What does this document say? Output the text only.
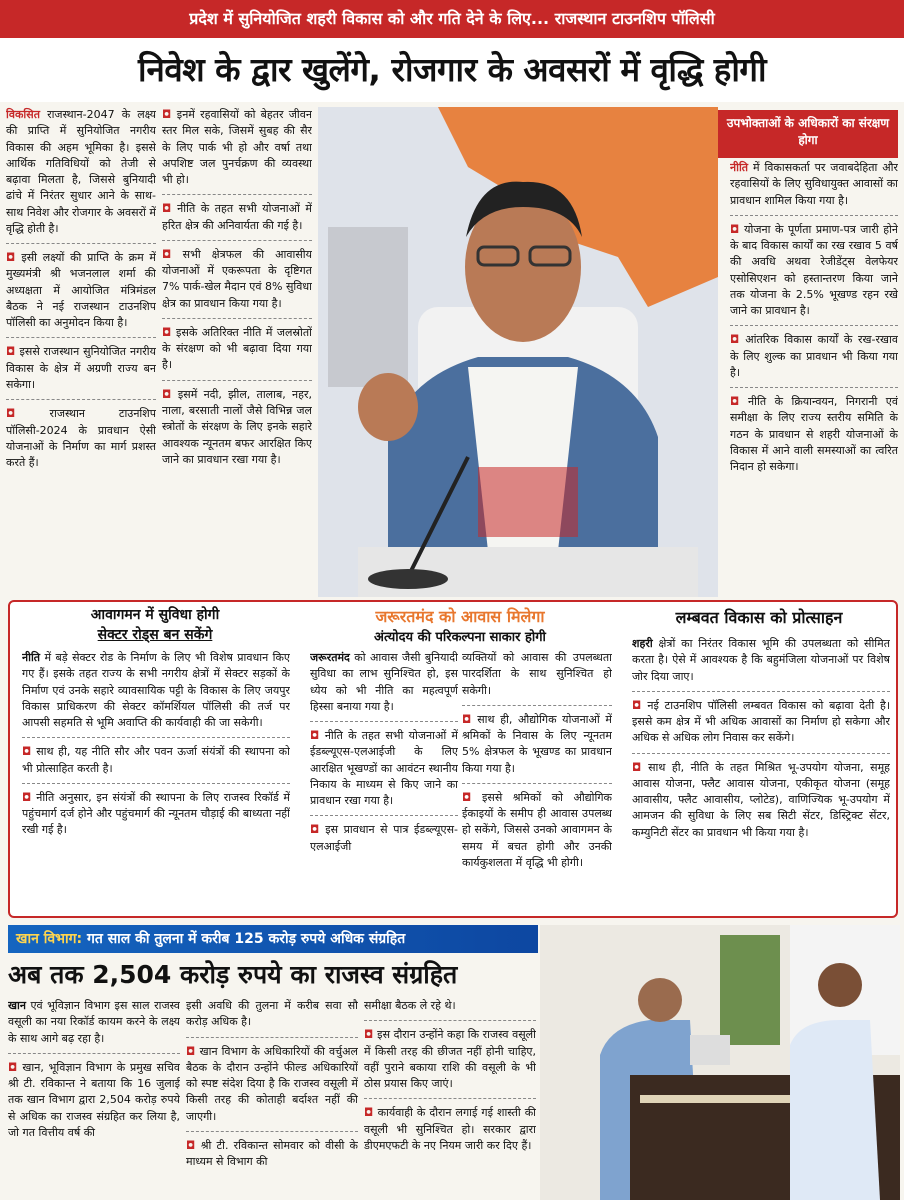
प्रदेश में सुनियोजित शहरी विकास को और गति देने के लिए... राजस्थान टाउनशिप पॉलिसी
निवेश के द्वार खुलेंगे, रोजगार के अवसरों में वृद्धि होगी

विकसित राजस्थान-2047 के लक्ष्य की प्राप्ति में सुनियोजित नगरीय विकास की अहम भूमिका है। इससे आर्थिक गतिविधियों को तेजी से बढ़ावा मिलता है, जिससे बुनियादी ढांचे में निरंतर सुधार आने के साथ-साथ निवेश और रोजगार के अवसरों में वृद्धि होती है।

◘ इसी लक्ष्यों की प्राप्ति के क्रम में मुख्यमंत्री श्री भजनलाल शर्मा की अध्यक्षता में आयोजित मंत्रिमंडल बैठक ने नई राजस्थान टाउनशिप पॉलिसी का अनुमोदन किया है।

◘ इससे राजस्थान सुनियोजित नगरीय विकास के क्षेत्र में अग्रणी राज्य बन सकेगा।

◘ राजस्थान टाउनशिप पॉलिसी-2024 के प्रावधान ऐसी योजनाओं के निर्माण का मार्ग प्रशस्त करते हैं।

◘ इनमें रहवासियों को बेहतर जीवन स्तर मिल सके, जिसमें सुबह की सैर के लिए पार्क भी हो और वर्षा तथा अपशिष्ट जल पुनर्चक्रण की व्यवस्था भी हो।

◘ नीति के तहत सभी योजनाओं में हरित क्षेत्र की अनिवार्यता की गई है।

◘ सभी क्षेत्रफल की आवासीय योजनाओं में एकरूपता के दृष्टिगत 7% पार्क-खेल मैदान एवं 8% सुविधा क्षेत्र का प्रावधान किया गया है।

◘ इसके अतिरिक्त नीति में जलस्रोतों के संरक्षण को भी बढ़ावा दिया गया है।

◘ इसमें नदी, झील, तालाब, नहर, नाला, बरसाती नालों जैसे विभिन्न जल स्त्रोतों के संरक्षण के लिए इनके सहारे आवश्यक न्यूनतम बफर आरक्षित किए जाने का प्रावधान रखा गया है।

उपभोक्ताओं के अधिकारों का संरक्षण होगा

नीति में विकासकर्ता पर जवाबदेहिता और रहवासियों के लिए सुविधायुक्त आवासों का प्रावधान शामिल किया गया है।

◘ योजना के पूर्णता प्रमाण-पत्र जारी होने के बाद विकास कार्यों का रख रखाव 5 वर्ष की अवधि अथवा रेजीडेंट्स वेलफेयर एसोसिएशन को हस्तान्तरण किया जाने तक योजना के 2.5% भूखण्ड रहन रखे जाने का प्रावधान है।

◘ आंतरिक विकास कार्यों के रख-रखाव के लिए शुल्क का प्रावधान भी किया गया है।

◘ नीति के क्रियान्वयन, निगरानी एवं समीक्षा के लिए राज्य स्तरीय समिति के गठन के प्रावधान से शहरी योजनाओं के विकास में आने वाली समस्याओं का त्वरित निदान हो सकेगा।

आवागमन में सुविधा होगी
सेक्टर रोड्स बन सकेंगे

नीति में बड़े सेक्टर रोड के निर्माण के लिए भी विशेष प्रावधान किए गए हैं। इसके तहत राज्य के सभी नगरीय क्षेत्रों में सेक्टर सड़कों के निर्माण एवं उनके सहारे व्यावसायिक पट्टी के विकास के लिए जयपुर विकास प्राधिकरण की सेक्टर कॉमर्शियल पॉलिसी की तर्ज पर आपसी सहमति से भूमि अवाप्ति की कार्यवाही की जा सकेगी।

◘ साथ ही, यह नीति सौर और पवन ऊर्जा संयंत्रों की स्थापना को भी प्रोत्साहित करती है।

◘ नीति अनुसार, इन संयंत्रों की स्थापना के लिए राजस्व रिकॉर्ड में पहुंचमार्ग दर्ज होने और पहुंचमार्ग की न्यूनतम चौड़ाई की बाध्यता नहीं रखी गई है।

जरूरतमंद को आवास मिलेगा
अंत्योदय की परिकल्पना साकार होगी

जरूरतमंद को आवास जैसी बुनियादी सुविधा का लाभ सुनिश्चित हो, इस ध्येय को भी नीति का महत्वपूर्ण हिस्सा बनाया गया है।

◘ नीति के तहत सभी योजनाओं में ईडब्ल्यूएस-एलआईजी के लिए आरक्षित भूखण्डों का आवंटन स्थानीय निकाय के माध्यम से किए जाने का प्रावधान रखा गया है।

◘ इस प्रावधान से पात्र ईडब्ल्यूएस-एलआईजी

व्यक्तियों को आवास की उपलब्धता पारदर्शिता के साथ सुनिश्चित हो सकेगी।

◘ साथ ही, औद्योगिक योजनाओं में श्रमिकों के निवास के लिए न्यूनतम 5% क्षेत्रफल के भूखण्ड का प्रावधान किया गया है।

◘ इससे श्रमिकों को औद्योगिक ईकाइयों के समीप ही आवास उपलब्ध हो सकेंगे, जिससे उनको आवागमन के समय में बचत होगी और उनकी कार्यकुशलता में वृद्धि भी होगी।

लम्बवत विकास को प्रोत्साहन

शहरी क्षेत्रों का निरंतर विकास भूमि की उपलब्धता को सीमित करता है। ऐसे में आवश्यक है कि बहुमंजिला योजनाओं पर विशेष जोर दिया जाए।

◘ नई टाउनशिप पॉलिसी लम्बवत विकास को बढ़ावा देती है। इससे कम क्षेत्र में भी अधिक आवासों का निर्माण हो सकेगा और अधिक से अधिक लोग निवास कर सकेंगे।

◘ साथ ही, नीति के तहत मिश्रित भू-उपयोग योजना, समूह आवास योजना, फ्लैट आवास योजना, एकीकृत योजना (समूह आवासीय, फ्लैट आवासीय, प्लोटेड), वाणिज्यिक भू-उपयोग में आमजन की सुविधा के लिए सब सिटी सेंटर, डिस्ट्रिक्ट सेंटर, कम्युनिटी सेंटर का प्रावधान भी किया गया है।

खान विभाग: गत साल की तुलना में करीब 125 करोड़ रुपये अधिक संग्रहित
अब तक 2,504 करोड़ रुपये का राजस्व संग्रहित

खान एवं भूविज्ञान विभाग इस साल राजस्व वसूली का नया रिकॉर्ड कायम करने के लक्ष्य के साथ आगे बढ़ रहा है।

◘ खान, भूविज्ञान विभाग के प्रमुख सचिव श्री टी. रविकान्त ने बताया कि 16 जुलाई तक खान विभाग द्वारा 2,504 करोड़ रुपये से अधिक का राजस्व संग्रहित कर लिया है, जो गत वित्तीय वर्ष की

इसी अवधि की तुलना में करीब सवा सौ करोड़ अधिक है।

◘ खान विभाग के अधिकारियों की वर्चुअल बैठक के दौरान उन्होंने फील्ड अधिकारियों को स्पष्ट संदेश दिया है कि राजस्व वसूली में किसी तरह की कोताही बर्दाश्त नहीं की जाएगी।

◘ श्री टी. रविकान्त सोमवार को वीसी के माध्यम से विभाग की

समीक्षा बैठक ले रहे थे।

◘ इस दौरान उन्होंने कहा कि राजस्व वसूली में किसी तरह की छीजत नहीं होनी चाहिए, वहीं पुराने बकाया राशि की वसूली के भी ठोस प्रयास किए जाएं।

◘ कार्यवाही के दौरान लगाई गई शास्ती की वसूली भी सुनिश्चित हो। सरकार द्वारा डीएमएफटी के नए नियम जारी कर दिए हैं।
